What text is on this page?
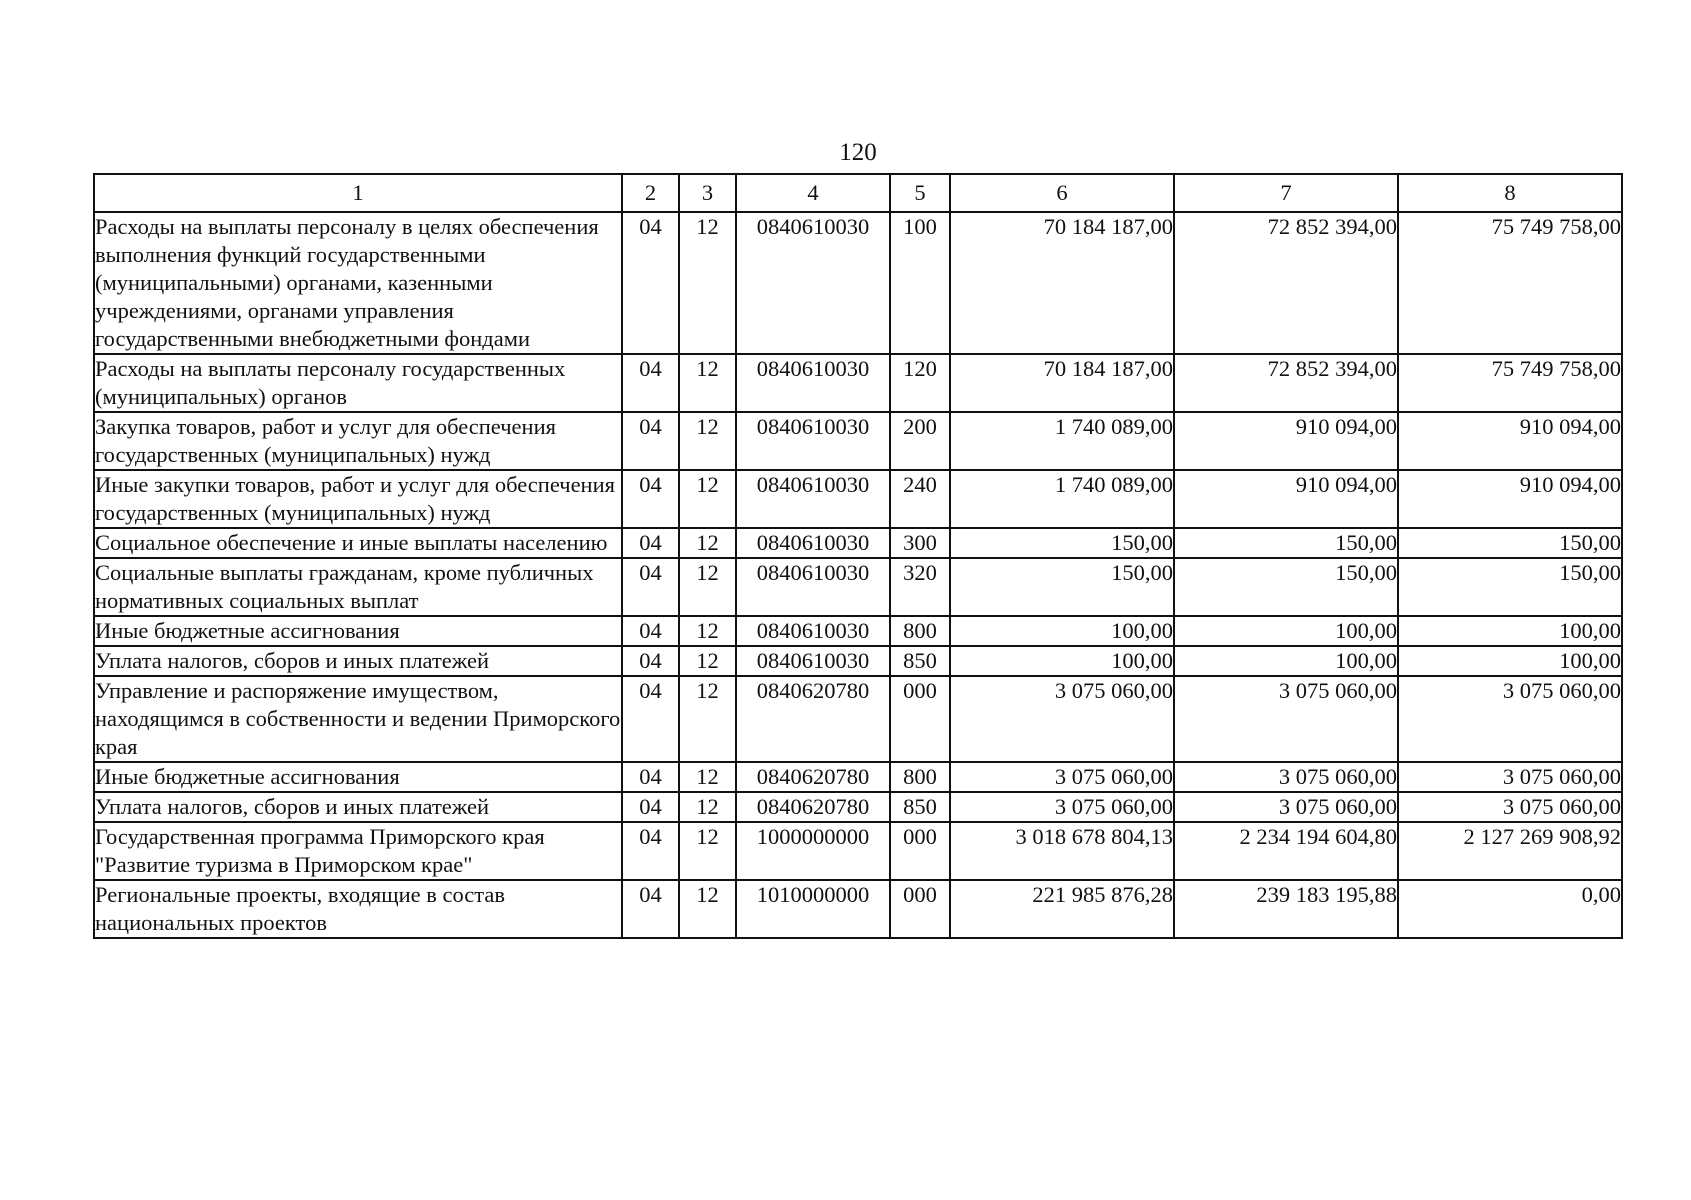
120
1	2	3	4	5	6	7	8
Расходы на выплаты персоналу в целях обеспечения выполнения функций государственными (муниципальными) органами, казенными учреждениями, органами управления государственными внебюджетными фондами	04	12	0840610030	100	70 184 187,00	72 852 394,00	75 749 758,00
Расходы на выплаты персоналу государственных (муниципальных) органов	04	12	0840610030	120	70 184 187,00	72 852 394,00	75 749 758,00
Закупка товаров, работ и услуг для обеспечения государственных (муниципальных) нужд	04	12	0840610030	200	1 740 089,00	910 094,00	910 094,00
Иные закупки товаров, работ и услуг для обеспечения государственных (муниципальных) нужд	04	12	0840610030	240	1 740 089,00	910 094,00	910 094,00
Социальное обеспечение и иные выплаты населению	04	12	0840610030	300	150,00	150,00	150,00
Социальные выплаты гражданам, кроме публичных нормативных социальных выплат	04	12	0840610030	320	150,00	150,00	150,00
Иные бюджетные ассигнования	04	12	0840610030	800	100,00	100,00	100,00
Уплата налогов, сборов и иных платежей	04	12	0840610030	850	100,00	100,00	100,00
Управление и распоряжение имуществом, находящимся в собственности и ведении Приморского края	04	12	0840620780	000	3 075 060,00	3 075 060,00	3 075 060,00
Иные бюджетные ассигнования	04	12	0840620780	800	3 075 060,00	3 075 060,00	3 075 060,00
Уплата налогов, сборов и иных платежей	04	12	0840620780	850	3 075 060,00	3 075 060,00	3 075 060,00
Государственная программа Приморского края "Развитие туризма в Приморском крае"	04	12	1000000000	000	3 018 678 804,13	2 234 194 604,80	2 127 269 908,92
Региональные проекты, входящие в состав национальных проектов	04	12	1010000000	000	221 985 876,28	239 183 195,88	0,00
